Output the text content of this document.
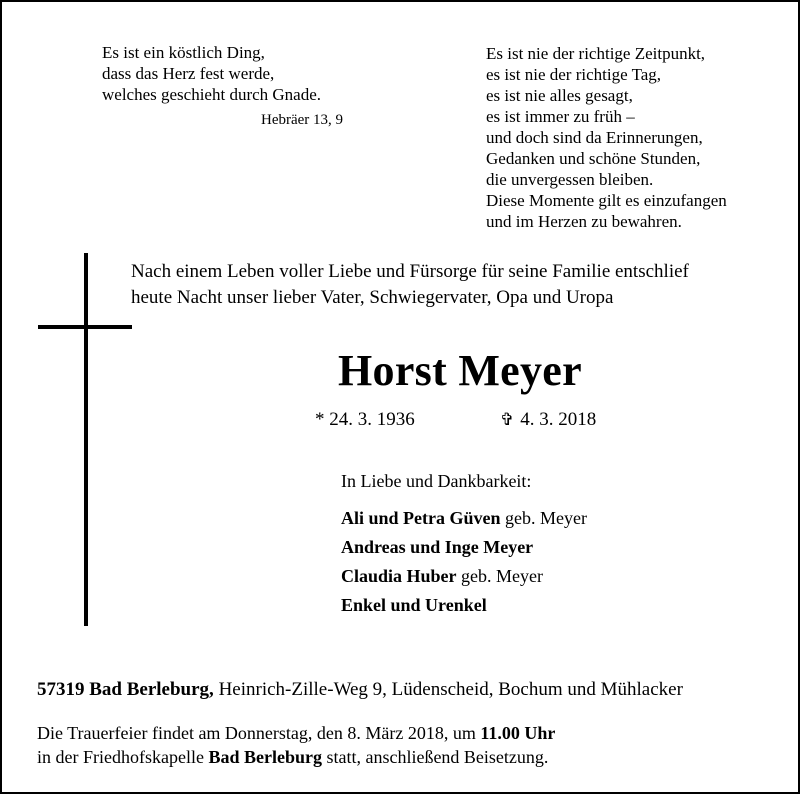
Es ist ein köstlich Ding,
dass das Herz fest werde,
welches geschieht durch Gnade.
Hebräer 13, 9
Es ist nie der richtige Zeitpunkt,
es ist nie der richtige Tag,
es ist nie alles gesagt,
es ist immer zu früh –
und doch sind da Erinnerungen,
Gedanken und schöne Stunden,
die unvergessen bleiben.
Diese Momente gilt es einzufangen
und im Herzen zu bewahren.
Nach einem Leben voller Liebe und Fürsorge für seine Familie entschlief
heute Nacht unser lieber Vater, Schwiegervater, Opa und Uropa
Horst Meyer
* 24. 3. 1936	✞ 4. 3. 2018
In Liebe und Dankbarkeit:
Ali und Petra Güven geb. Meyer
Andreas und Inge Meyer
Claudia Huber geb. Meyer
Enkel und Urenkel
57319 Bad Berleburg, Heinrich-Zille-Weg 9, Lüdenscheid, Bochum und Mühlacker
Die Trauerfeier findet am Donnerstag, den 8. März 2018, um 11.00 Uhr
in der Friedhofskapelle Bad Berleburg statt, anschließend Beisetzung.
